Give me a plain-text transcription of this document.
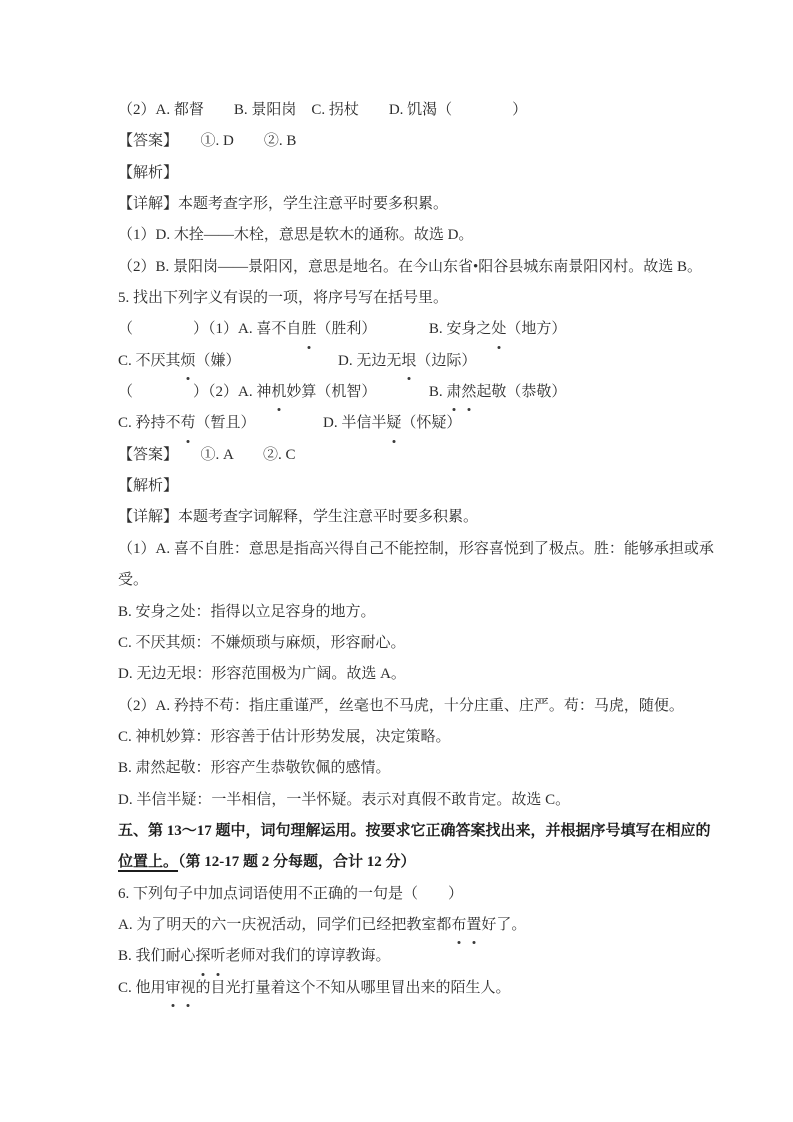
（2）A. 都督　　B. 景阳岗　C. 拐杖　　D. 饥渴（　　　　）
【答案】　　①. D　　②. B
【解析】
【详解】本题考查字形，学生注意平时要多积累。
（1）D. 木拴——木栓，意思是软木的通称。故选 D。
（2）B. 景阳岗——景阳冈，意思是地名。在今山东省•阳谷县城东南景阳冈村。故选 B。
5. 找出下列字义有误的一项，将序号写在括号里。
（　　　　）（1）A. 喜不自胜（胜利）　　　　B. 安身之处（地方）
C. 不厌其烦（嫌）　　　　　　　D. 无边无垠（边际）
（　　　　）（2）A. 神机妙算（机智）　　　　B. 肃然起敬（恭敬）
C. 矜持不苟（暂且）　　　　　D. 半信半疑（怀疑）
【答案】　　①. A　　②. C
【解析】
【详解】本题考查字词解释，学生注意平时要多积累。
（1）A. 喜不自胜：意思是指高兴得自己不能控制，形容喜悦到了极点。胜：能够承担或承
受。
B. 安身之处：指得以立足容身的地方。
C. 不厌其烦：不嫌烦琐与麻烦，形容耐心。
D. 无边无垠：形容范围极为广阔。故选 A。
（2）A. 矜持不苟：指庄重谨严，丝毫也不马虎，十分庄重、庄严。苟：马虎，随便。
C. 神机妙算：形容善于估计形势发展，决定策略。
B. 肃然起敬：形容产生恭敬钦佩的感情。
D. 半信半疑：一半相信，一半怀疑。表示对真假不敢肯定。故选 C。
五、第 13～17 题中，词句理解运用。按要求它正确答案找出来，并根据序号填写在相应的
位置上。（第 12-17 题 2 分每题，合计 12 分）
6. 下列句子中加点词语使用不正确的一句是（　　）
A. 为了明天的六一庆祝活动，同学们已经把教室都布置好了。
B. 我们耐心探听老师对我们的谆谆教诲。
C. 他用审视的目光打量着这个不知从哪里冒出来的陌生人。
